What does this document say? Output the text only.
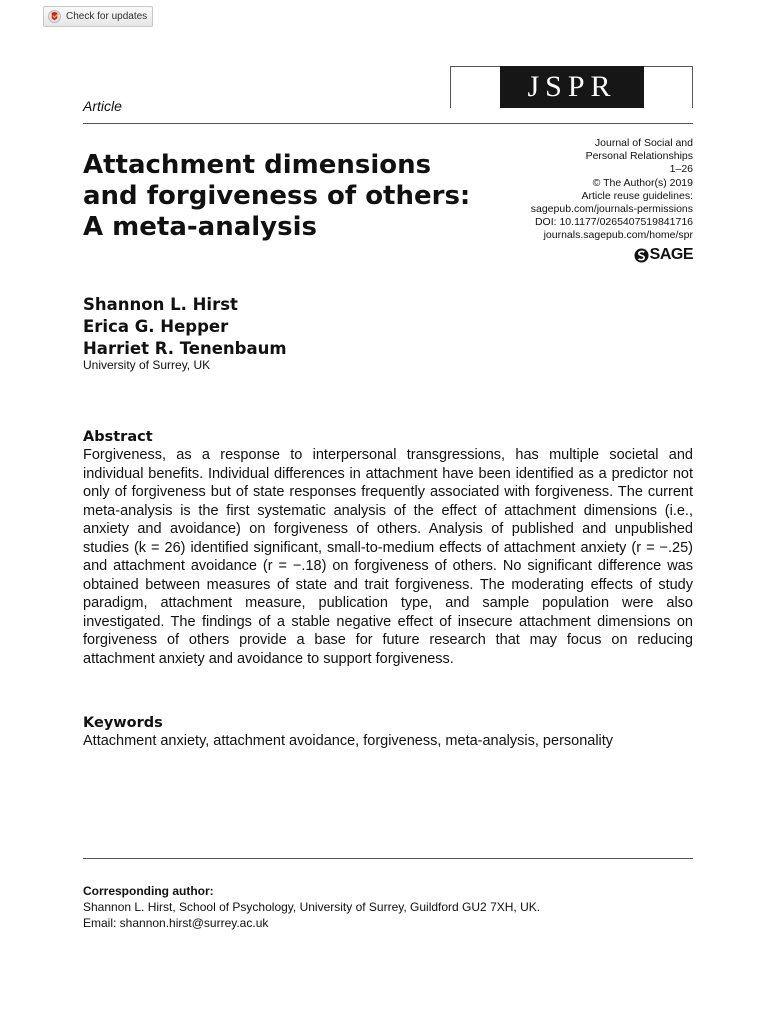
Check for updates
JSPR
Article
Attachment dimensions
and forgiveness of others:
A meta-analysis
Journal of Social and
Personal Relationships
1–26
© The Author(s) 2019
Article reuse guidelines:
sagepub.com/journals-permissions
DOI: 10.1177/0265407519841716
journals.sagepub.com/home/spr
SAGE
Shannon L. Hirst
Erica G. Hepper
Harriet R. Tenenbaum
University of Surrey, UK
Abstract

Forgiveness, as a response to interpersonal transgressions, has multiple societal and individual benefits. Individual differences in attachment have been identified as a predictor not only of forgiveness but of state responses frequently associated with forgiveness. The current meta-analysis is the first systematic analysis of the effect of attachment dimensions (i.e., anxiety and avoidance) on forgiveness of others. Analysis of published and unpublished studies (k = 26) identified significant, small-to-medium effects of attachment anxiety (r = −.25) and attachment avoidance (r = −.18) on forgiveness of others. No significant difference was obtained between measures of state and trait forgiveness. The moderating effects of study paradigm, attachment measure, publication type, and sample population were also investigated. The findings of a stable negative effect of insecure attachment dimensions on forgiveness of others provide a base for future research that may focus on reducing attachment anxiety and avoidance to support forgiveness.

Keywords
Attachment anxiety, attachment avoidance, forgiveness, meta-analysis, personality
Corresponding author:
Shannon L. Hirst, School of Psychology, University of Surrey, Guildford GU2 7XH, UK.
Email: shannon.hirst@surrey.ac.uk
